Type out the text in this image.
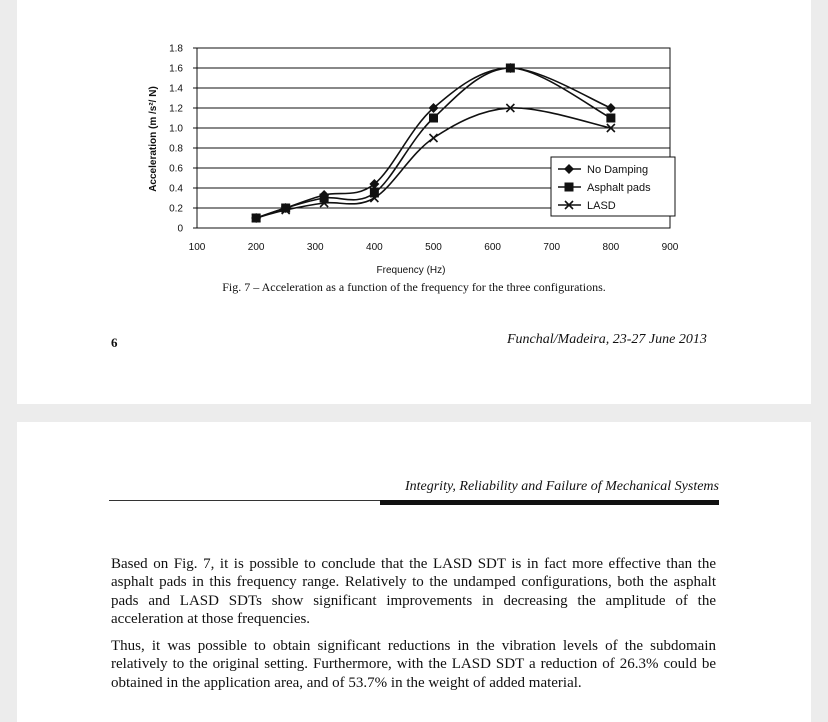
0
0.2
0.4
0.6
0.8
1.0
1.2
1.4
1.6
1.8
100	200	300	400	500	600	700	800	900
No Damping
Asphalt pads
LASD
Frequency (Hz)
Acceleration (m /s²/ N)

Fig. 7 – Acceleration as a function of the frequency for the three configurations.

6	Funchal/Madeira, 23-27 June 2013

Integrity, Reliability and Failure of Mechanical Systems

Based on Fig. 7, it is possible to conclude that the LASD SDT is in fact more effective than the asphalt pads in this frequency range. Relatively to the undamped configurations, both the asphalt pads and LASD SDTs show significant improvements in decreasing the amplitude of the acceleration at those frequencies.

Thus, it was possible to obtain significant reductions in the vibration levels of the subdomain relatively to the original setting. Furthermore, with the LASD SDT a reduction of 26.3% could be obtained in the application area, and of 53.7% in the weight of added material.
